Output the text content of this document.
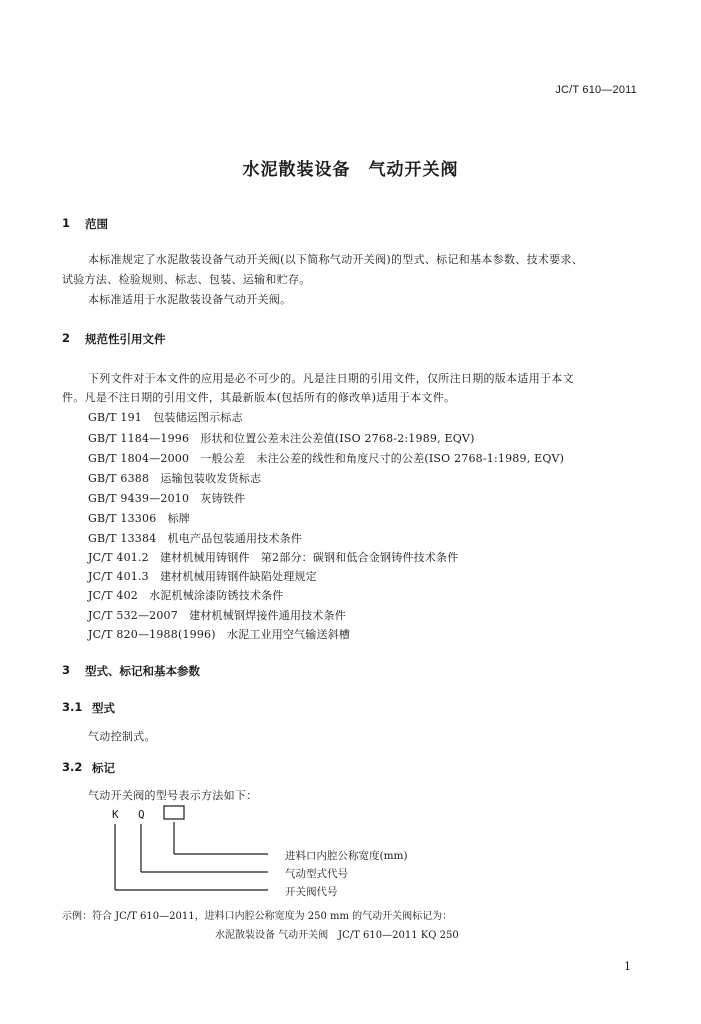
JC/T 610—2011
水泥散装设备　气动开关阀
1 范围
本标准规定了水泥散装设备气动开关阀(以下简称气动开关阀)的型式、标记和基本参数、技术要求、
试验方法、检验规则、标志、包装、运输和贮存。
本标准适用于水泥散装设备气动开关阀。
2 规范性引用文件
下列文件对于本文件的应用是必不可少的。凡是注日期的引用文件，仅所注日期的版本适用于本文
件。凡是不注日期的引用文件，其最新版本(包括所有的修改单)适用于本文件。
GB/T 191　包装储运图示标志
GB/T 1184—1996　形状和位置公差未注公差值(ISO 2768-2:1989, EQV)
GB/T 1804—2000　一般公差　未注公差的线性和角度尺寸的公差(ISO 2768-1:1989, EQV)
GB/T 6388　运输包装收发货标志
GB/T 9439—2010　灰铸铁件
GB/T 13306　标牌
GB/T 13384　机电产品包装通用技术条件
JC/T 401.2　建材机械用铸钢件　第2部分：碳钢和低合金钢铸件技术条件
JC/T 401.3　建材机械用铸钢件缺陷处理规定
JC/T 402　水泥机械涂漆防锈技术条件
JC/T 532—2007　建材机械钢焊接件通用技术条件
JC/T 820—1988(1996)　水泥工业用空气输送斜槽
3 型式、标记和基本参数
3.1 型式
气动控制式。
3.2 标记
气动开关阀的型号表示方法如下：
K Q
进料口内腔公称宽度(mm)
气动型式代号
开关阀代号
示例：符合 JC/T 610—2011，进料口内腔公称宽度为 250 mm 的气动开关阀标记为：
水泥散装设备 气动开关阀　JC/T 610—2011 KQ 250
1
